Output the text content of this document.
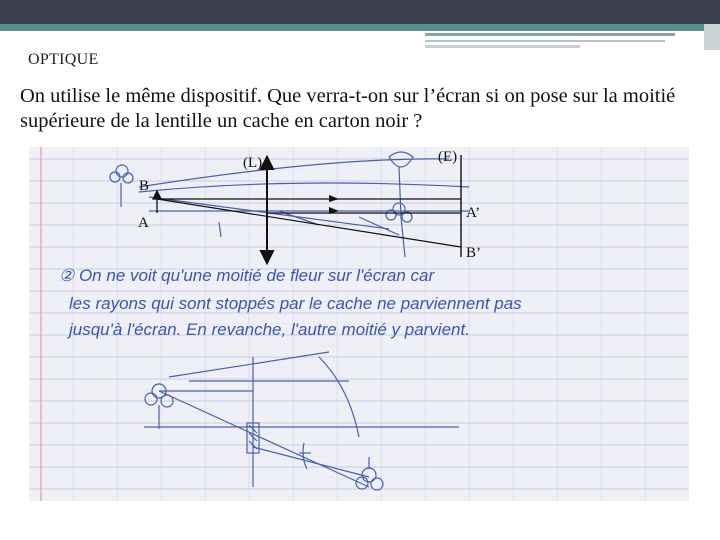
OPTIQUE
On utilise le même dispositif. Que verra-t-on sur l’écran si on pose sur la moitié supérieure de la lentille un cache en carton noir ?
② On ne voit qu'une moitié de fleur sur l'écran car
les rayons qui sont stoppés par le cache ne parviennent pas
jusqu'à l'écran. En revanche, l'autre moitié y parvient.
(L)	(E)
B
A
A’
B’
